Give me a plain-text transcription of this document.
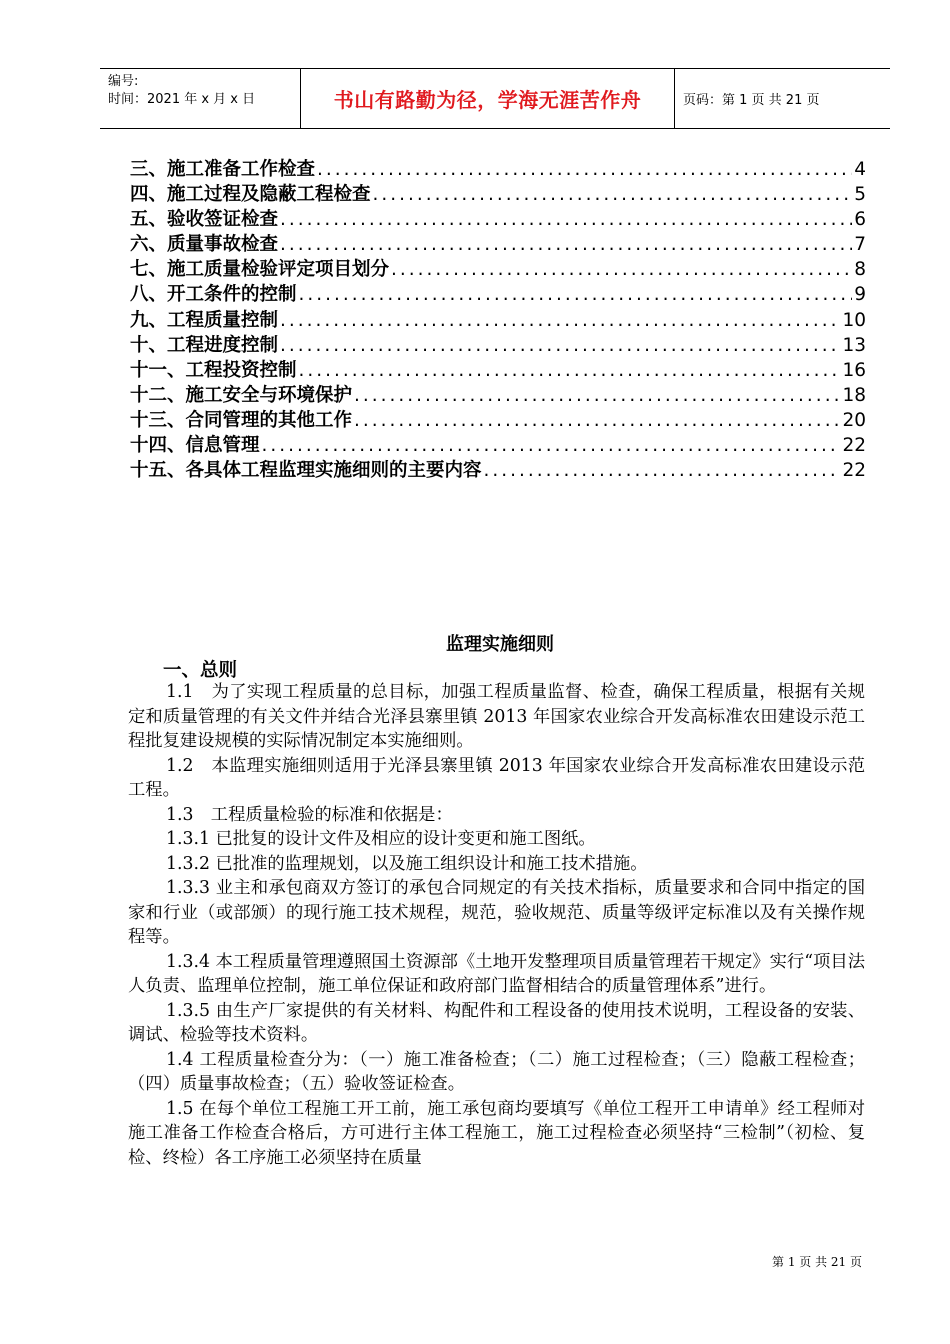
编号:
时间：2021 年 x 月 x 日	书山有路勤为径，学海无涯苦作舟	页码：第 1 页 共 21 页
三、施工准备工作检查 .....	4
四、施工过程及隐蔽工程检查 .....	5
五、验收签证检查 .....	6
六、质量事故检查 .....	7
七、施工质量检验评定项目划分 .....	8
八、开工条件的控制 .....	9
九、工程质量控制 .....	10
十、工程进度控制 .....	13
十一、工程投资控制 .....	16
十二、施工安全与环境保护 .....	18
十三、合同管理的其他工作 .....	20
十四、信息管理 .....	22
十五、各具体工程监理实施细则的主要内容 .....	22
监理实施细则
一、总则

1.1　为了实现工程质量的总目标，加强工程质量监督、检查，确保工程质量，根据有关规定和质量管理的有关文件并结合光泽县寨里镇 2013 年国家农业综合开发高标准农田建设示范工程批复建设规模的实际情况制定本实施细则。

1.2　本监理实施细则适用于光泽县寨里镇 2013 年国家农业综合开发高标准农田建设示范工程。

1.3　工程质量检验的标准和依据是：

1.3.1 已批复的设计文件及相应的设计变更和施工图纸。

1.3.2 已批准的监理规划，以及施工组织设计和施工技术措施。

1.3.3 业主和承包商双方签订的承包合同规定的有关技术指标，质量要求和合同中指定的国家和行业（或部颁）的现行施工技术规程，规范，验收规范、质量等级评定标准以及有关操作规程等。

1.3.4 本工程质量管理遵照国土资源部《土地开发整理项目质量管理若干规定》实行“项目法人负责、监理单位控制，施工单位保证和政府部门监督相结合的质量管理体系”进行。

1.3.5 由生产厂家提供的有关材料、构配件和工程设备的使用技术说明，工程设备的安装、调试、检验等技术资料。

1.4 工程质量检查分为：（一）施工准备检查；（二）施工过程检查；（三）隐蔽工程检查；（四）质量事故检查；（五）验收签证检查。

1.5 在每个单位工程施工开工前，施工承包商均要填写《单位工程开工申请单》经工程师对施工准备工作检查合格后，方可进行主体工程施工，施工过程检查必须坚持“三检制”（初检、复检、终检）各工序施工必须坚持在质量

第 1 页 共 21 页
